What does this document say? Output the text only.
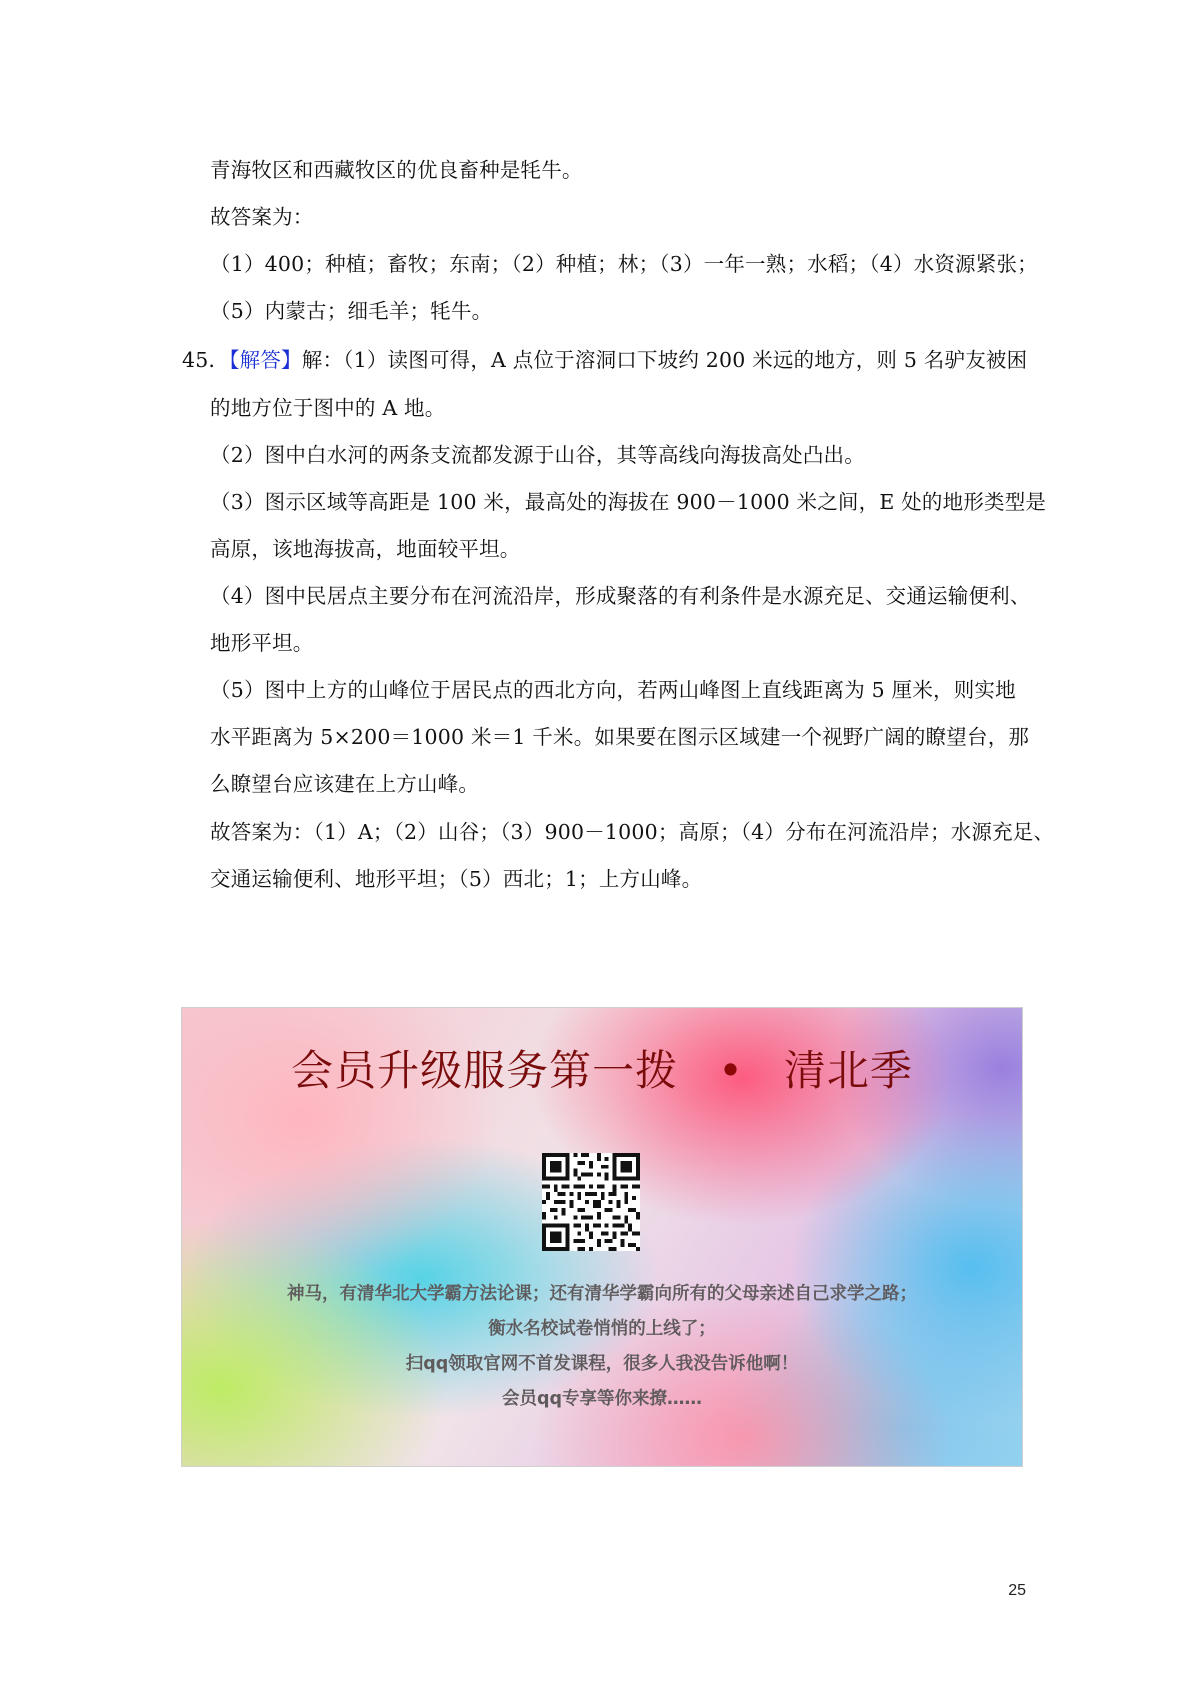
青海牧区和西藏牧区的优良畜种是牦牛。
故答案为：
（1）400；种植；畜牧；东南；（2）种植；林；（3）一年一熟；水稻；（4）水资源紧张；
（5）内蒙古；细毛羊；牦牛。
45．【解答】解：（1）读图可得，A 点位于溶洞口下坡约 200 米远的地方，则 5 名驴友被困
的地方位于图中的 A 地。
（2）图中白水河的两条支流都发源于山谷，其等高线向海拔高处凸出。
（3）图示区域等高距是 100 米，最高处的海拔在 900－1000 米之间，E 处的地形类型是
高原，该地海拔高，地面较平坦。
（4）图中民居点主要分布在河流沿岸，形成聚落的有利条件是水源充足、交通运输便利、
地形平坦。
（5）图中上方的山峰位于居民点的西北方向，若两山峰图上直线距离为 5 厘米，则实地
水平距离为 5×200＝1000 米＝1 千米。如果要在图示区域建一个视野广阔的瞭望台，那
么瞭望台应该建在上方山峰。
故答案为：（1）A；（2）山谷；（3）900－1000；高原；（4）分布在河流沿岸；水源充足、
交通运输便利、地形平坦；（5）西北；1；上方山峰。
会员升级服务第一拨 • 清北季
神马，有清华北大学霸方法论课；还有清华学霸向所有的父母亲述自己求学之路；
衡水名校试卷悄悄的上线了；
扫qq领取官网不首发课程，很多人我没告诉他啊！
会员qq专享等你来撩……
25
